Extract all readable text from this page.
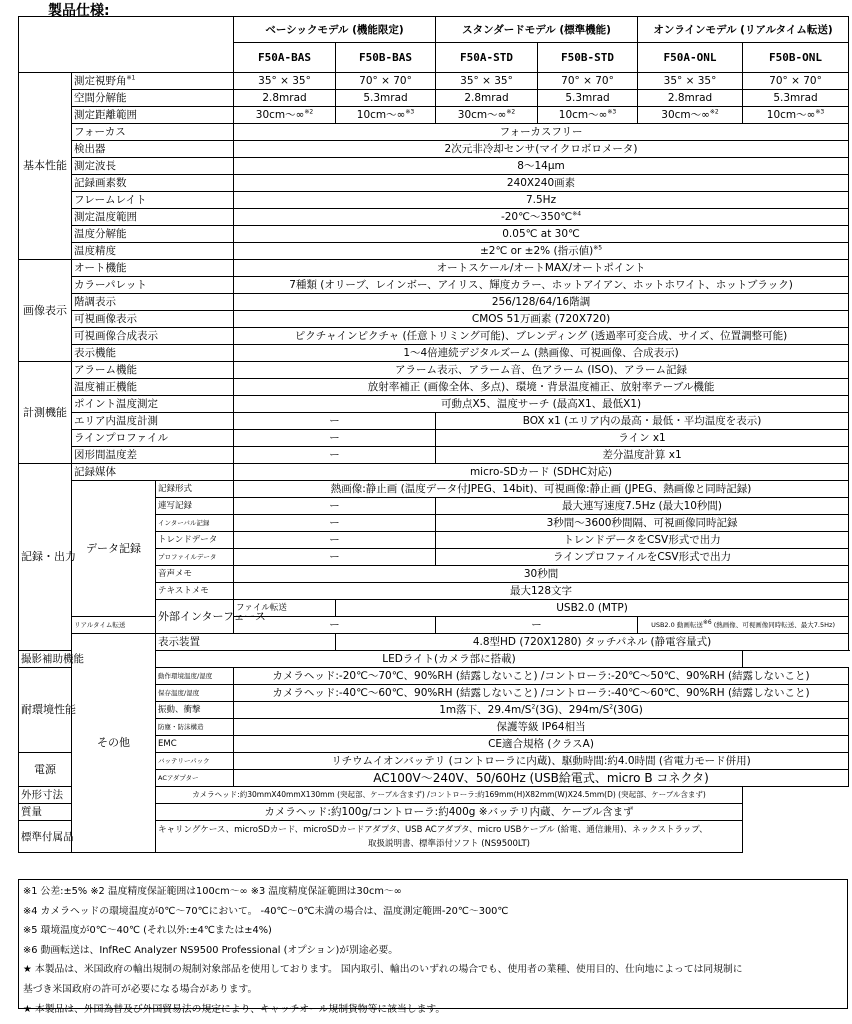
製品仕様:
			ベーシックモデル (機能限定)		スタンダードモデル (標準機能)		オンラインモデル (リアルタイム転送)	
			F50A-BAS	F50B-BAS	F50A-STD	F50B-STD	F50A-ONL	F50B-ONL
基本性能	測定視野角$^{※1}$		35° × 35°	70° × 70°	35° × 35°	70° × 70°	35° × 35°	70° × 70°
	空間分解能		2.8mrad	5.3mrad	2.8mrad	5.3mrad	2.8mrad	5.3mrad
	測定距離範囲		30cm～∞$^{※2}$	10cm～∞$^{※3}$	30cm～∞$^{※2}$	10cm～∞$^{※3}$	30cm～∞$^{※2}$	10cm～∞$^{※3}$
	フォーカス		フォーカスフリー					
	検出器		2次元非冷却センサ(マイクロボロメータ)					
	測定波長		8～14μm					
	記録画素数		240X240画素					
	フレームレイト		7.5Hz					
	測定温度範囲		-20℃～350℃$^{※4}$
	温度分解能		0.05℃ at 30℃					
	温度精度		±2℃ or ±2% (指示値)$^{※5}$
画像表示	オート機能		オートスケール/オートMAX/オートポイント					
	カラーパレット		7種類 (オリーブ、レインボー、アイリス、輝度カラー、ホットアイアン、ホットホワイト、ホットブラック)					
	階調表示		256/128/64/16階調					
	可視画像表示		CMOS 51万画素 (720X720)					
	可視画像合成表示		ピクチャインピクチャ (任意トリミング可能)、ブレンディング (透過率可変合成、サイズ、位置調整可能)					
	表示機能		1～4倍連続デジタルズーム (熱画像、可視画像、合成表示)					
計測機能	アラーム機能		アラーム表示、アラーム音、色アラーム (ISO)、アラーム記録					
	温度補正機能		放射率補正 (画像全体、多点)、環境・背景温度補正、放射率テーブル機能					
	ポイント温度測定		可動点X5、温度サーチ (最高X1、最低X1)					
	エリア内温度計測		ー		BOX x1 (エリア内の最高・最低・平均温度を表示)			
	ラインプロファイル		ー		ライン x1			
	図形間温度差		ー		差分温度計算 x1			
記録・出力	記録媒体		micro-SDカード (SDHC対応)					
	データ記録	記録形式	熱画像:静止画 (温度データ付JPEG、14bit)、可視画像:静止画 (JPEG、熱画像と同時記録)					
		連写記録	ー		最大連写速度7.5Hz (最大10秒間)			
		インターバル記録	ー		3秒間～3600秒間隔、可視画像同時記録			
		トレンドデータ	ー		トレンドデータをCSV形式で出力			
		プロファイルデータ	ー		ラインプロファイルをCSV形式で出力			
		音声メモ	30秒間					
		テキストメモ	最大128文字					
		外部インターフェース	ファイル転送	USB2.0 (MTP)				
	リアルタイム転送		ー		ー		USB2.0 動画転送$^{※6}$ (熱画像、可視画像同時転送、最大7.5Hz)	
	その他	表示装置		4.8型HD (720X1280) タッチパネル (静電容量式)				
撮影補助機能		LEDライト(カメラ部に搭載)						
耐環境性能		動作環境温度/湿度	カメラヘッド:-20℃～70℃、90%RH (結露しないこと) /コントローラ:-20℃～50℃、90%RH (結露しないこと)					
		保存温度/湿度	カメラヘッド:-40℃～60℃、90%RH (結露しないこと) /コントローラ:-40℃～60℃、90%RH (結露しないこと)					
		振動、衝撃	1m落下、$29.4m/S^2(3G)$、$294m/S^2(30G)$					
		防塵・防沫構造	保護等級 IP64相当					
		EMC	CE適合規格 (クラスA)					
電源		バッテリーパック	リチウムイオンバッテリ (コントローラに内蔵)、駆動時間:約4.0時間 (省電力モード併用)					
		ACアダプター	AC100V～240V、50/60Hz (USB給電式、micro B コネクタ)					
外形寸法		カメラヘッド:約30mmX40mmX130mm (突起部、ケーブル含まず) /コントローラ:約169mm(H)X82mm(W)X24.5mm(D) (突起部、ケーブル含まず)						
質量		カメラヘッド:約100g/コントローラ:約400g ※バッテリ内蔵、ケーブル含まず						
標準付属品		キャリングケース、microSDカード、microSDカードアダプタ、USB ACアダプタ、micro USBケーブル (給電、通信兼用)、ネックストラップ、
取扱説明書、標準添付ソフト (NS9500LT)						
※1 公差:±5% ※2 温度精度保証範囲は100cm～∞ ※3 温度精度保証範囲は30cm～∞
※4 カメラヘッドの環境温度が0℃～70℃において。 -40℃～0℃未満の場合は、温度測定範囲-20℃～300℃
※5 環境温度が0℃～40℃ (それ以外:±4℃または±4%)
※6 動画転送は、InfReC Analyzer NS9500 Professional (オプション)が別途必要。
★ 本製品は、米国政府の輸出規制の規制対象部品を使用しております。 国内取引、輸出のいずれの場合でも、使用者の業種、使用目的、仕向地によっては同規制に
基づき米国政府の許可が必要になる場合があります。
★ 本製品は、外国為替及び外国貿易法の規定により、キャッチオール規制貨物等に該当します。
